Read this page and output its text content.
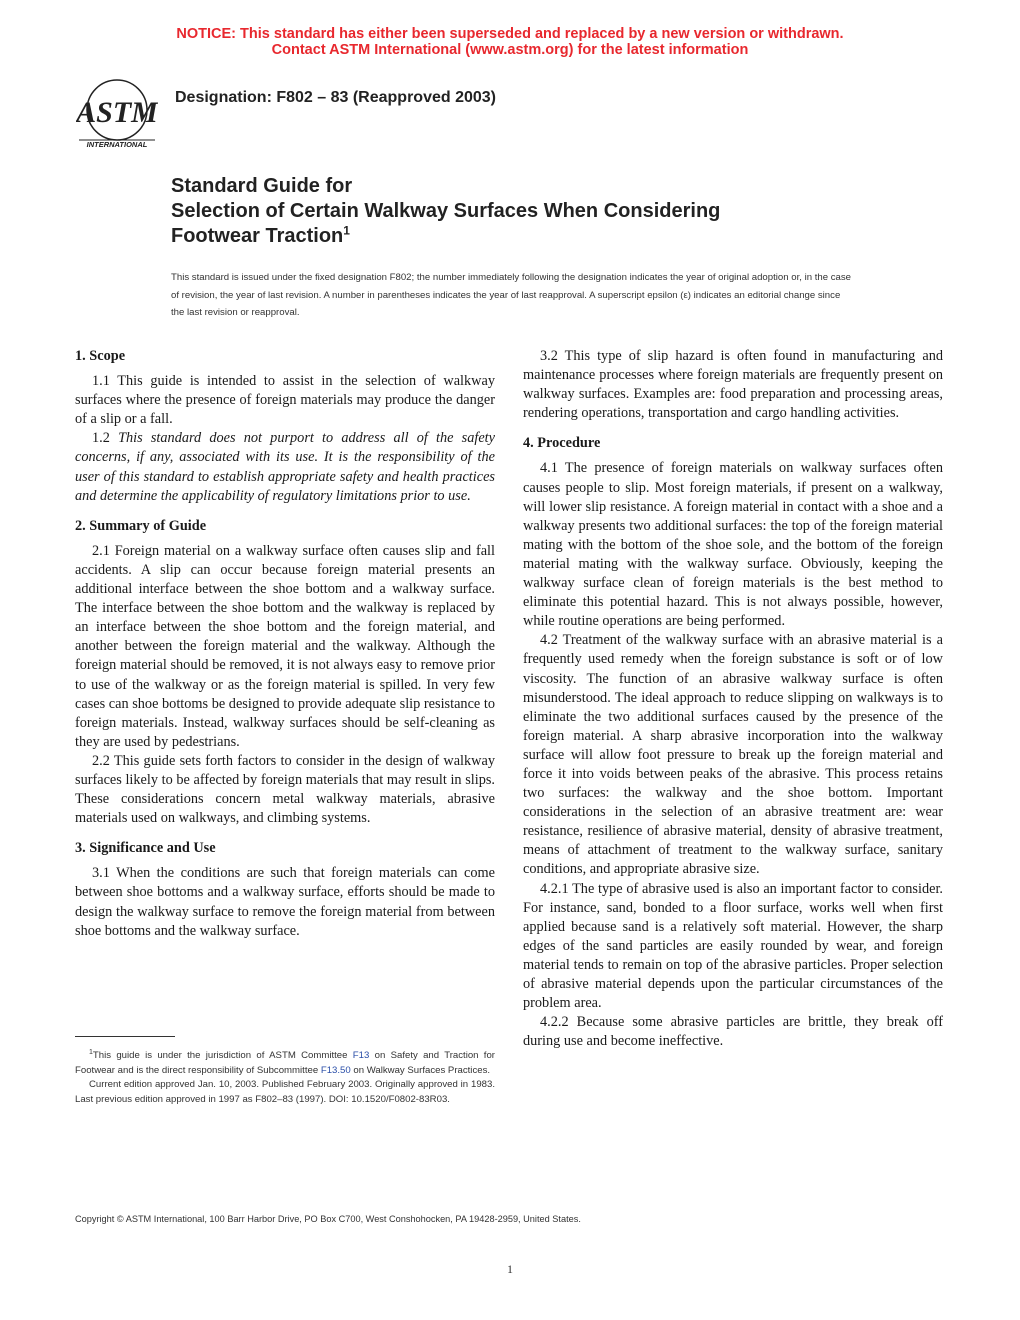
NOTICE: This standard has either been superseded and replaced by a new version or withdrawn.
Contact ASTM International (www.astm.org) for the latest information
ASTM
INTERNATIONAL
Designation: F802 – 83 (Reapproved 2003)
Standard Guide for
Selection of Certain Walkway Surfaces When Considering
Footwear Traction$^1$
This standard is issued under the fixed designation F802; the number immediately following the designation indicates the year of original adoption or, in the case of revision, the year of last revision. A number in parentheses indicates the year of last reapproval. A superscript epsilon (ε) indicates an editorial change since the last revision or reapproval.
1. Scope

1.1 This guide is intended to assist in the selection of walkway surfaces where the presence of foreign materials may produce the danger of a slip or a fall.

1.2 This standard does not purport to address all of the safety concerns, if any, associated with its use. It is the responsibility of the user of this standard to establish appropriate safety and health practices and determine the applicability of regulatory limitations prior to use.

2. Summary of Guide

2.1 Foreign material on a walkway surface often causes slip and fall accidents. A slip can occur because foreign material presents an additional interface between the shoe bottom and a walkway surface. The interface between the shoe bottom and the walkway is replaced by an interface between the shoe bottom and the foreign material, and another between the foreign material and the walkway. Although the foreign material should be removed, it is not always easy to remove prior to use of the walkway or as the foreign material is spilled. In very few cases can shoe bottoms be designed to provide adequate slip resistance to foreign materials. Instead, walkway surfaces should be self-cleaning as they are used by pedestrians.

2.2 This guide sets forth factors to consider in the design of walkway surfaces likely to be affected by foreign materials that may result in slips. These considerations concern metal walkway materials, abrasive materials used on walkways, and climbing systems.

3. Significance and Use

3.1 When the conditions are such that foreign materials can come between shoe bottoms and a walkway surface, efforts should be made to design the walkway surface to remove the foreign material from between shoe bottoms and the walkway surface.

3.2 This type of slip hazard is often found in manufacturing and maintenance processes where foreign materials are frequently present on walkway surfaces. Examples are: food preparation and processing areas, rendering operations, transportation and cargo handling activities.

4. Procedure

4.1 The presence of foreign materials on walkway surfaces often causes people to slip. Most foreign materials, if present on a walkway, will lower slip resistance. A foreign material in contact with a shoe and a walkway presents two additional surfaces: the top of the foreign material mating with the bottom of the shoe sole, and the bottom of the foreign material mating with the walkway surface. Obviously, keeping the walkway surface clean of foreign materials is the best method to eliminate this potential hazard. This is not always possible, however, while routine operations are being performed.

4.2 Treatment of the walkway surface with an abrasive material is a frequently used remedy when the foreign substance is soft or of low viscosity. The function of an abrasive walkway surface is often misunderstood. The ideal approach to reduce slipping on walkways is to eliminate the two additional surfaces caused by the presence of the foreign material. A sharp abrasive incorporation into the walkway surface will allow foot pressure to break up the foreign material and force it into voids between peaks of the abrasive. This process retains two surfaces: the walkway and the shoe bottom. Important considerations in the selection of an abrasive treatment are: wear resistance, resilience of abrasive material, density of abrasive treatment, means of attachment of treatment to the walkway surface, sanitary conditions, and appropriate abrasive size.

4.2.1 The type of abrasive used is also an important factor to consider. For instance, sand, bonded to a floor surface, works well when first applied because sand is a relatively soft material. However, the sharp edges of the sand particles are easily rounded by wear, and foreign material tends to remain on top of the abrasive particles. Proper selection of abrasive material depends upon the particular circumstances of the problem area.

4.2.2 Because some abrasive particles are brittle, they break off during use and become ineffective.

$^1$This guide is under the jurisdiction of ASTM Committee F13 on Safety and Traction for Footwear and is the direct responsibility of Subcommittee F13.50 on Walkway Surfaces Practices.

Current edition approved Jan. 10, 2003. Published February 2003. Originally approved in 1983. Last previous edition approved in 1997 as F802–83 (1997). DOI: 10.1520/F0802-83R03.

Copyright © ASTM International, 100 Barr Harbor Drive, PO Box C700, West Conshohocken, PA 19428-2959, United States.
1
